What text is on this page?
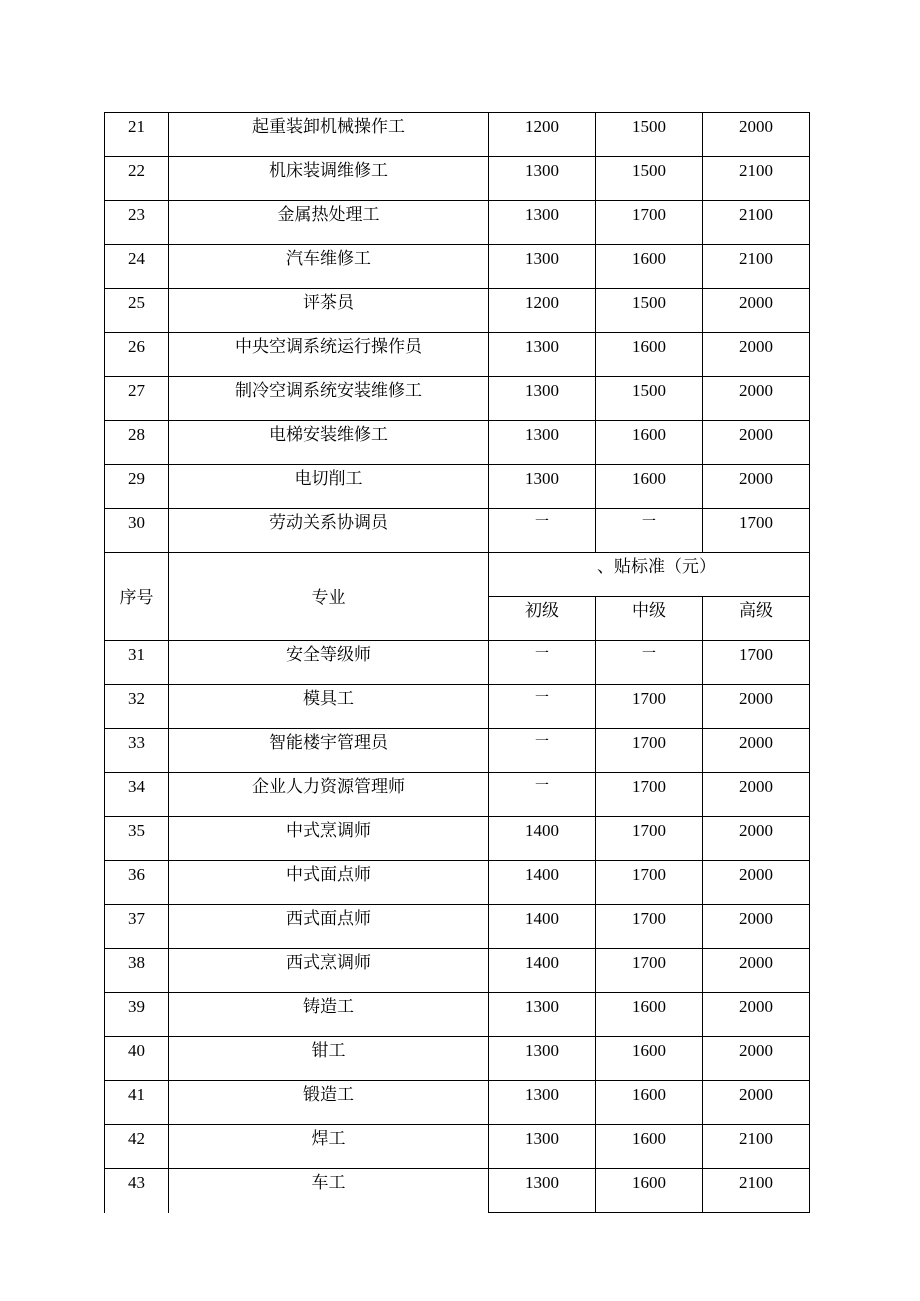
21	起重装卸机械操作工	1200	1500	2000
22	机床装调维修工	1300	1500	2100
23	金属热处理工	1300	1700	2100
24	汽车维修工	1300	1600	2100
25	评茶员	1200	1500	2000
26	中央空调系统运行操作员	1300	1600	2000
27	制冷空调系统安装维修工	1300	1500	2000
28	电梯安装维修工	1300	1600	2000
29	电切削工	1300	1600	2000
30	劳动关系协调员	一	一	1700
序号	专业	、贴标准（元）		
		初级	中级	高级
31	安全等级师	一	一	1700
32	模具工	一	1700	2000
33	智能楼宇管理员	一	1700	2000
34	企业人力资源管理师	一	1700	2000
35	中式烹调师	1400	1700	2000
36	中式面点师	1400	1700	2000
37	西式面点师	1400	1700	2000
38	西式烹调师	1400	1700	2000
39	铸造工	1300	1600	2000
40	钳工	1300	1600	2000
41	锻造工	1300	1600	2000
42	焊工	1300	1600	2100
43	车工	1300	1600	2100
